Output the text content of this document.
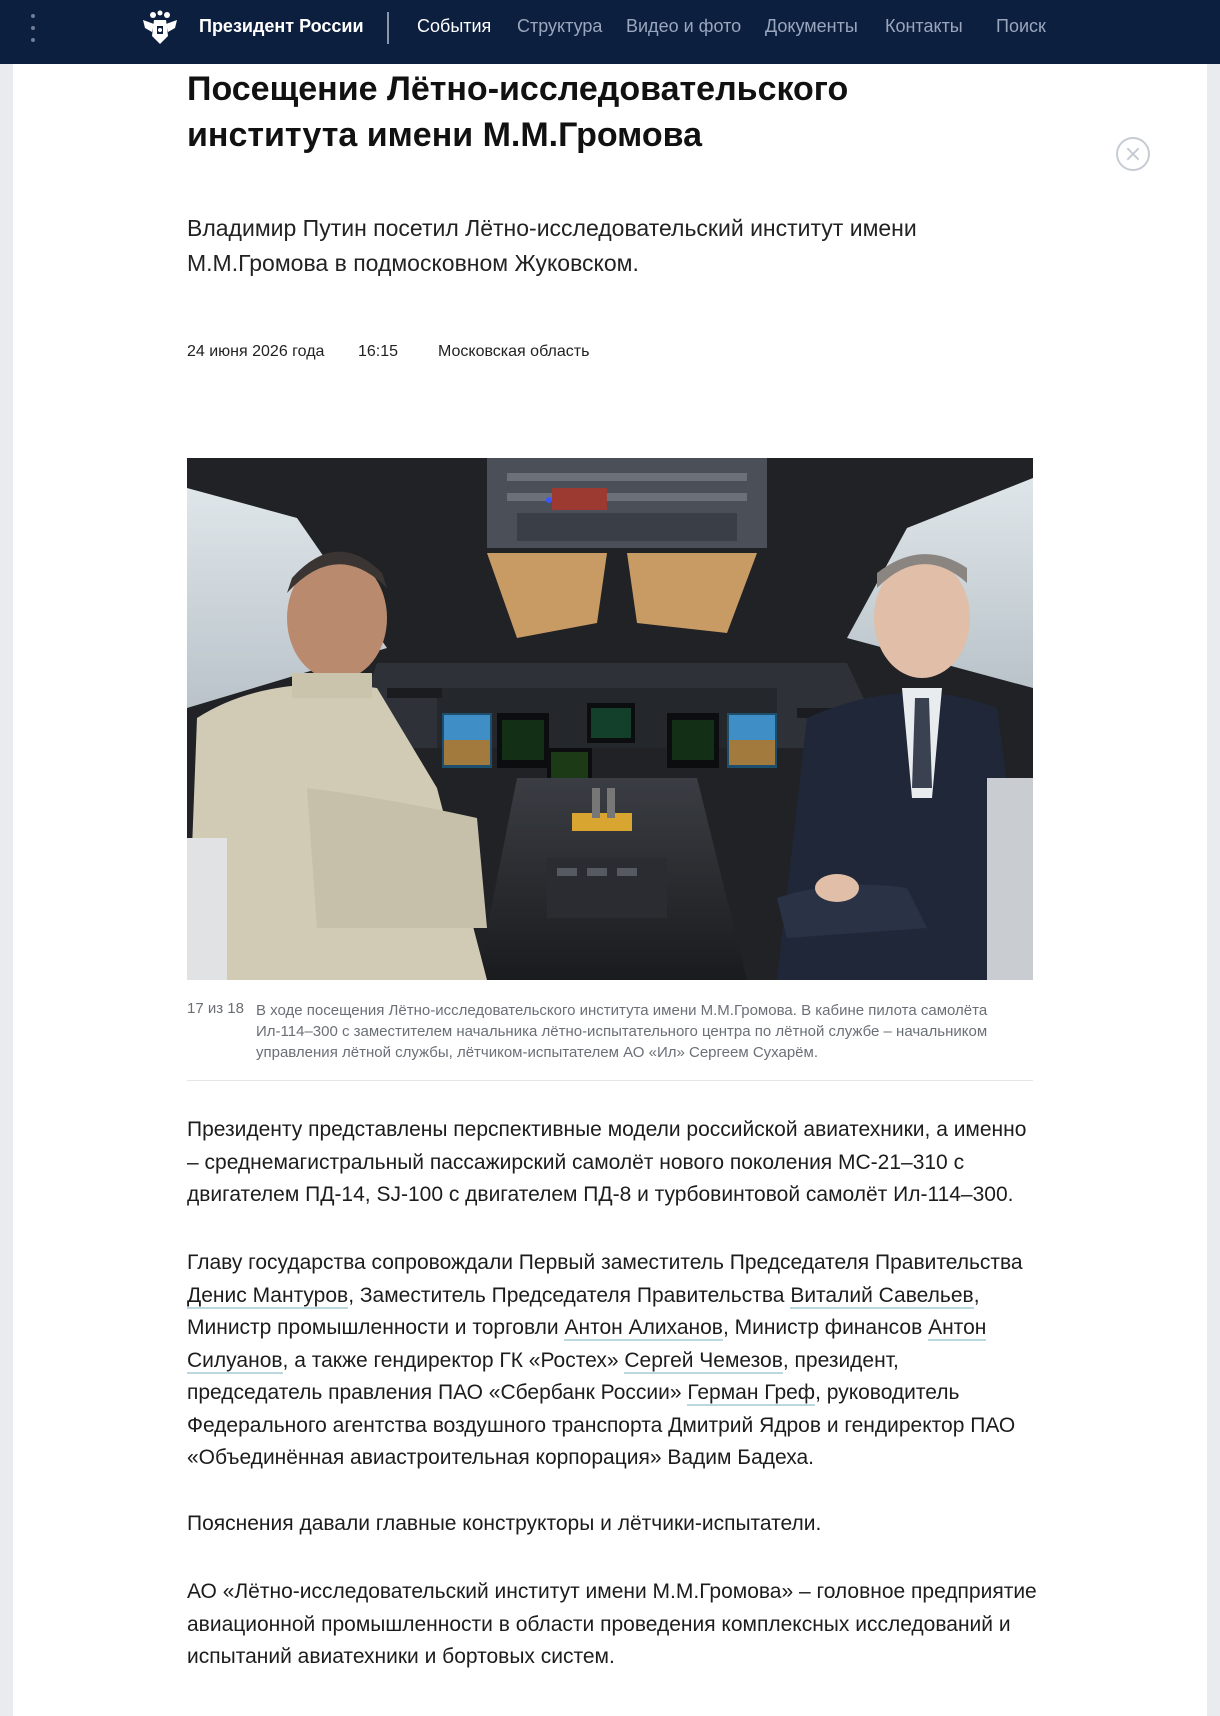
Президент России	События Структура Видео и фото Документы Контакты Поиск
Посещение Лётно-исследовательского института имени М.М.Громова

Владимир Путин посетил Лётно-исследовательский институт имени М.М.Громова в подмосковном Жуковском.

24 июня 2026 года 16:15 Московская область
17 из 18 В ходе посещения Лётно-исследовательского института имени М.М.Громова. В кабине пилота самолёта Ил-114–300 с заместителем начальника лётно-испытательного центра по лётной службе – начальником управления лётной службы, лётчиком-испытателем АО «Ил» Сергеем Сухарём.

Президенту представлены перспективные модели российской авиатехники, а именно – среднемагистральный пассажирский самолёт нового поколения МС-21–310 с двигателем ПД-14, SJ-100 с двигателем ПД-8 и турбовинтовой самолёт Ил-114–300.

Главу государства сопровождали Первый заместитель Председателя Правительства Денис Мантуров, Заместитель Председателя Правительства Виталий Савельев, Министр промышленности и торговли Антон Алиханов, Министр финансов Антон Силуанов, а также гендиректор ГК «Ростех» Сергей Чемезов, президент, председатель правления ПАО «Сбербанк России» Герман Греф, руководитель Федерального агентства воздушного транспорта Дмитрий Ядров и гендиректор ПАО «Объединённая авиастроительная корпорация» Вадим Бадеха.

Пояснения давали главные конструкторы и лётчики-испытатели.

АО «Лётно-исследовательский институт имени М.М.Громова» – головное предприятие авиационной промышленности в области проведения комплексных исследований и испытаний авиатехники и бортовых систем.
